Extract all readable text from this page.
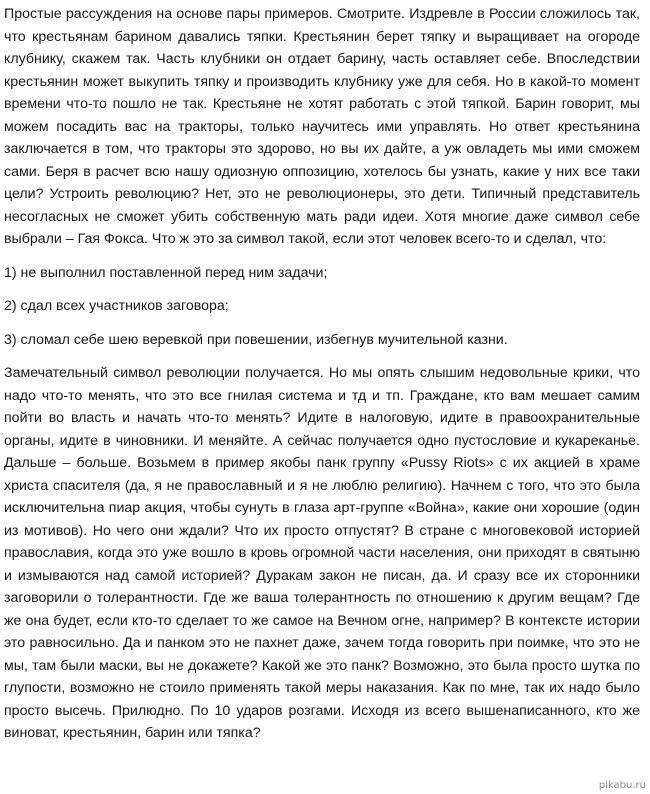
Простые рассуждения на основе пары примеров. Смотрите. Издревле в России сложилось так, что крестьянам барином давались тяпки. Крестьянин берет тяпку и выращивает на огороде клубнику, скажем так. Часть клубники он отдает барину, часть оставляет себе. Впоследствии крестьянин может выкупить тяпку и производить клубнику уже для себя. Но в какой-то момент времени что-то пошло не так. Крестьяне не хотят работать с этой тяпкой. Барин говорит, мы можем посадить вас на тракторы, только научитесь ими управлять. Но ответ крестьянина заключается в том, что тракторы это здорово, но вы их дайте, а уж овладеть мы ими сможем сами. Беря в расчет всю нашу одиозную оппозицию, хотелось бы узнать, какие у них все таки цели? Устроить революцию? Нет, это не революционеры, это дети. Типичный представитель несогласных не сможет убить собственную мать ради идеи. Хотя многие даже символ себе выбрали – Гая Фокса. Что ж это за символ такой, если этот человек всего-то и сделал, что:

1) не выполнил поставленной перед ним задачи;

2) сдал всех участников заговора;

3) сломал себе шею веревкой при повешении, избегнув мучительной казни.

Замечательный символ революции получается. Но мы опять слышим недовольные крики, что надо что-то менять, что это все гнилая система и тд и тп. Граждане, кто вам мешает самим пойти во власть и начать что-то менять? Идите в налоговую, идите в правоохранительные органы, идите в чиновники. И меняйте. А сейчас получается одно пустословие и кукареканье. Дальше – больше. Возьмем в пример якобы панк группу «Pussy Riots» с их акцией в храме христа спасителя (да, я не православный и я не люблю религию). Начнем с того, что это была исключительна пиар акция, чтобы сунуть в глаза арт-группе «Война», какие они хорошие (один из мотивов). Но чего они ждали? Что их просто отпустят? В стране с многовековой историей православия, когда это уже вошло в кровь огромной части населения, они приходят в святыню и измываются над самой историей? Дуракам закон не писан, да. И сразу все их сторонники заговорили о толерантности. Где же ваша толерантность по отношению к другим вещам? Где же она будет, если кто-то сделает то же самое на Вечном огне, например? В контексте истории это равносильно. Да и панком это не пахнет даже, зачем тогда говорить при поимке, что это не мы, там были маски, вы не докажете? Какой же это панк? Возможно, это была просто шутка по глупости, возможно не стоило применять такой меры наказания. Как по мне, так их надо было просто высечь. Прилюдно. По 10 ударов розгами. Исходя из всего вышенаписанного, кто же виноват, крестьянин, барин или тяпка?

pikabu.ru
